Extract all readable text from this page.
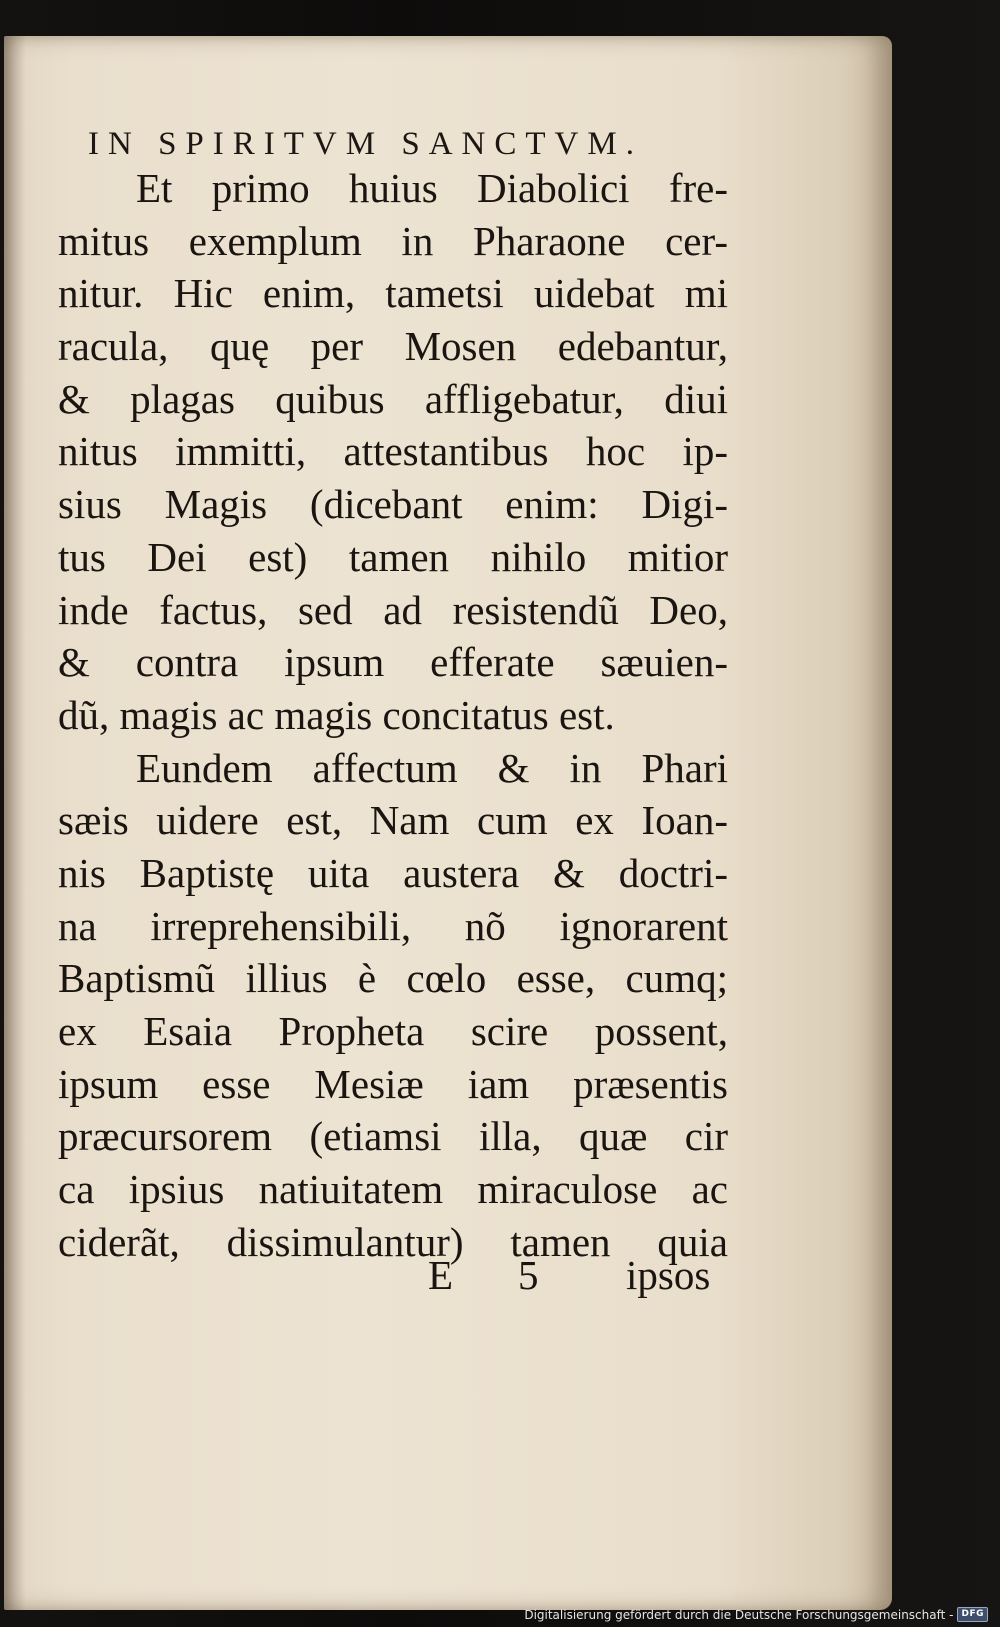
IN SPIRITVM SANCTVM.
Et primo huius Diabolici fre-
mitus exemplum in Pharaone cer-
nitur. Hic enim, tametsi uidebat mi
racula, quę per Mosen edebantur,
& plagas quibus affligebatur, diui
nitus immitti, attestantibus hoc ip-
sius Magis (dicebant enim: Digi-
tus Dei est) tamen nihilo mitior
inde factus, sed ad resistendũ Deo,
& contra ipsum efferate sæuien-
dũ, magis ac magis concitatus est.
Eundem affectum & in Phari
sæis uidere est, Nam cum ex Ioan-
nis Baptistę uita austera & doctri-
na irreprehensibili, nõ ignorarent
Baptismũ illius è cœlo esse, cumq;
ex Esaia Propheta scire possent,
ipsum esse Mesiæ iam præsentis
præcursorem (etiamsi illa, quæ cir
ca ipsius natiuitatem miraculose ac
ciderãt, dissimulantur) tamen quia
E 5 ipsos
Digitalisierung gefördert durch die Deutsche Forschungsgemeinschaft - DFG
